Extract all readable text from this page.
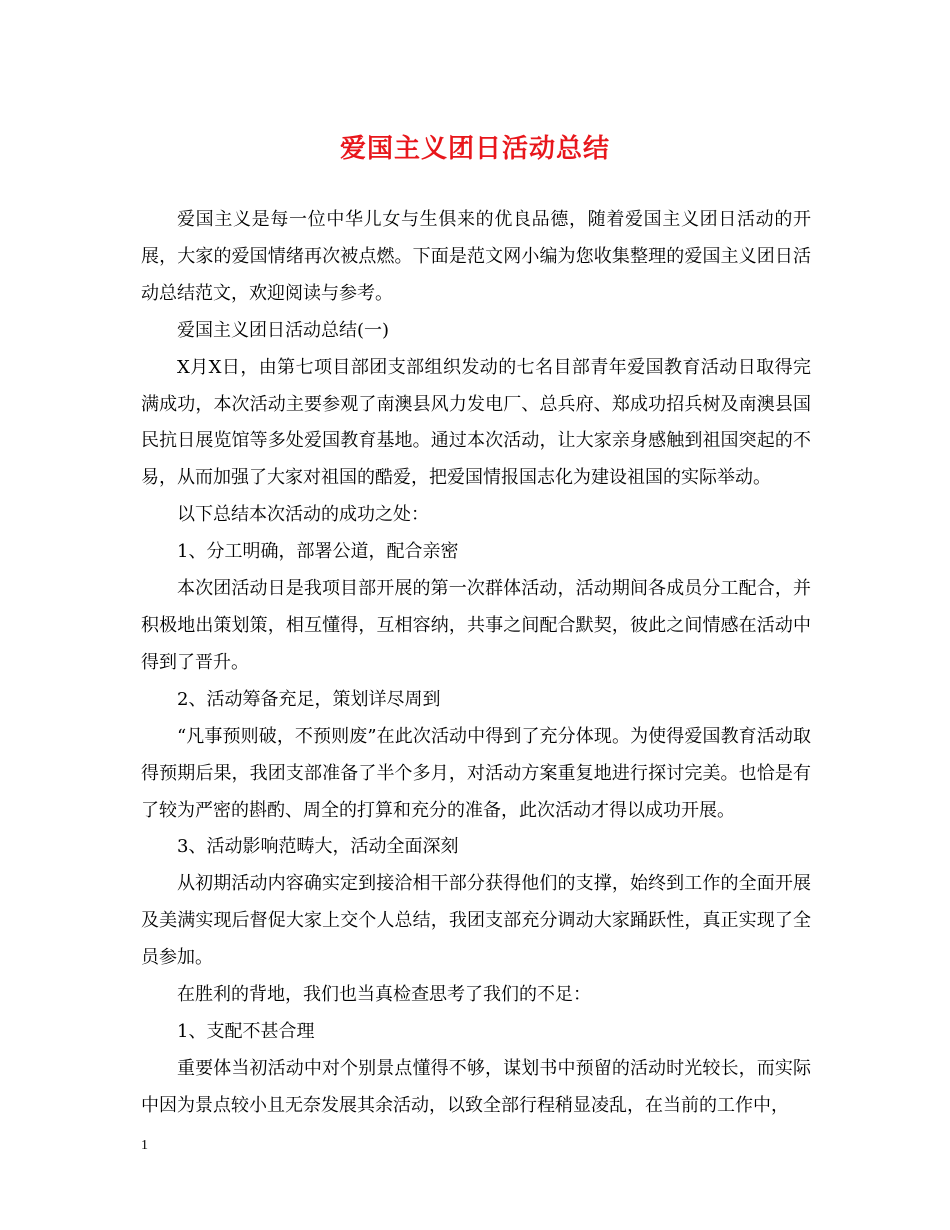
爱国主义团日活动总结

爱国主义是每一位中华儿女与生俱来的优良品德，随着爱国主义团日活动的开展，大家的爱国情绪再次被点燃。下面是范文网小编为您收集整理的爱国主义团日活动总结范文，欢迎阅读与参考。

爱国主义团日活动总结(一)

X月X日，由第七项目部团支部组织发动的七名目部青年爱国教育活动日取得完满成功，本次活动主要参观了南澳县风力发电厂、总兵府、郑成功招兵树及南澳县国民抗日展览馆等多处爱国教育基地。通过本次活动，让大家亲身感触到祖国突起的不易，从而加强了大家对祖国的酷爱，把爱国情报国志化为建设祖国的实际举动。

以下总结本次活动的成功之处：

1、分工明确，部署公道，配合亲密

本次团活动日是我项目部开展的第一次群体活动，活动期间各成员分工配合，并积极地出策划策，相互懂得，互相容纳，共事之间配合默契，彼此之间情感在活动中得到了晋升。

2、活动筹备充足，策划详尽周到

“凡事预则破，不预则废”在此次活动中得到了充分体现。为使得爱国教育活动取得预期后果，我团支部准备了半个多月，对活动方案重复地进行探讨完美。也恰是有了较为严密的斟酌、周全的打算和充分的准备，此次活动才得以成功开展。

3、活动影响范畴大，活动全面深刻

从初期活动内容确实定到接洽相干部分获得他们的支撑，始终到工作的全面开展及美满实现后督促大家上交个人总结，我团支部充分调动大家踊跃性，真正实现了全员参加。

在胜利的背地，我们也当真检查思考了我们的不足：

1、支配不甚合理

重要体当初活动中对个别景点懂得不够，谋划书中预留的活动时光较长，而实际中因为景点较小且无奈发展其余活动，以致全部行程稍显凌乱，在当前的工作中，

1
